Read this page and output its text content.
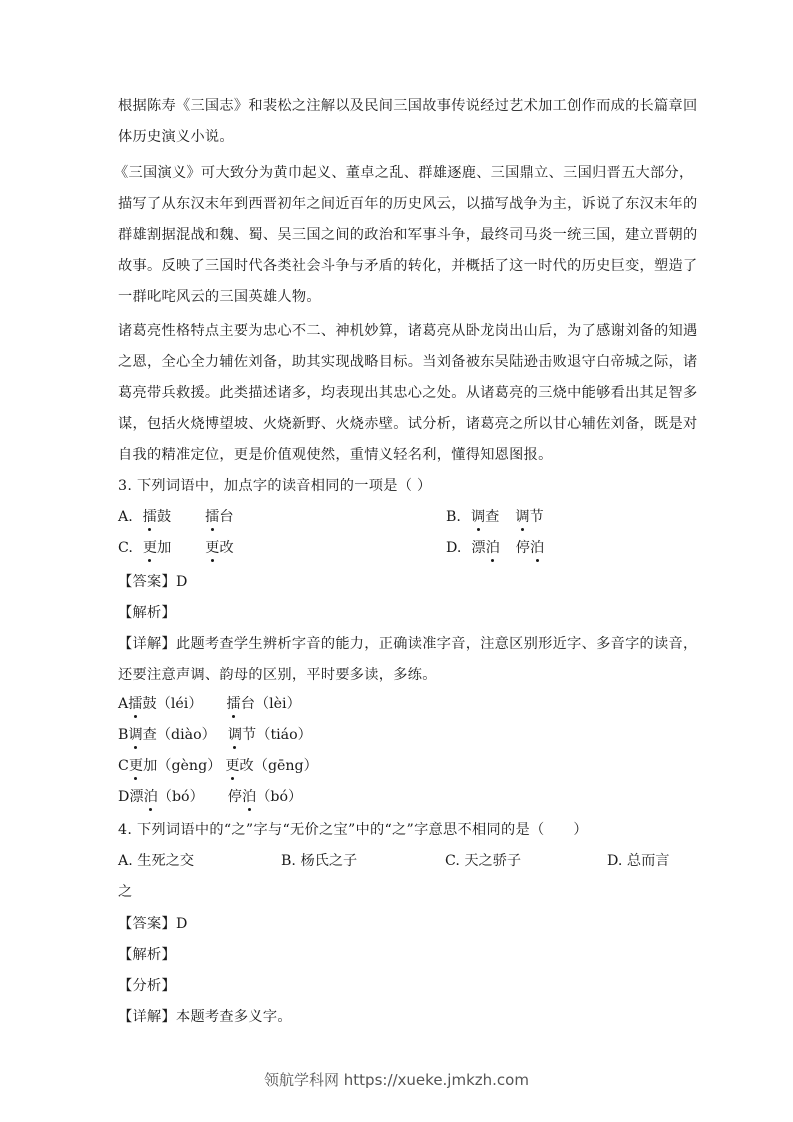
根据陈寿《三国志》和裴松之注解以及民间三国故事传说经过艺术加工创作而成的长篇章回
体历史演义小说。
《三国演义》可大致分为黄巾起义、董卓之乱、群雄逐鹿、三国鼎立、三国归晋五大部分，
描写了从东汉末年到西晋初年之间近百年的历史风云，以描写战争为主，诉说了东汉末年的
群雄割据混战和魏、蜀、吴三国之间的政治和军事斗争，最终司马炎一统三国，建立晋朝的
故事。反映了三国时代各类社会斗争与矛盾的转化，并概括了这一时代的历史巨变，塑造了
一群叱咤风云的三国英雄人物。
诸葛亮性格特点主要为忠心不二、神机妙算，诸葛亮从卧龙岗出山后，为了感谢刘备的知遇
之恩，全心全力辅佐刘备，助其实现战略目标。当刘备被东吴陆逊击败退守白帝城之际，诸
葛亮带兵救援。此类描述诸多，均表现出其忠心之处。从诸葛亮的三烧中能够看出其足智多
谋，包括火烧博望坡、火烧新野、火烧赤壁。试分析，诸葛亮之所以甘心辅佐刘备，既是对
自我的精准定位，更是价值观使然，重情义轻名利，懂得知恩图报。
3. 下列词语中，加点字的读音相同的一项是（ ）
A. 擂鼓 擂台	B. 调查 调节
C. 更加 更改	D. 漂泊 停泊
【答案】D
【解析】
【详解】此题考查学生辨析字音的能力，正确读准字音，注意区别形近字、多音字的读音，
还要注意声调、韵母的区别，平时要多读，多练。
A擂鼓（léi） 擂台（lèi）
B调查（diào） 调节（tiáo）
C更加（gèng） 更改（gēng）
D漂泊（bó） 停泊（bó）
4. 下列词语中的“之”字与“无价之宝”中的“之”字意思不相同的是（　　）
A. 生死之交	B. 杨氏之子	C. 天之骄子	D. 总而言
之
【答案】D
【解析】
【分析】
【详解】本题考查多义字。
领航学科网 https://xueke.jmkzh.com
